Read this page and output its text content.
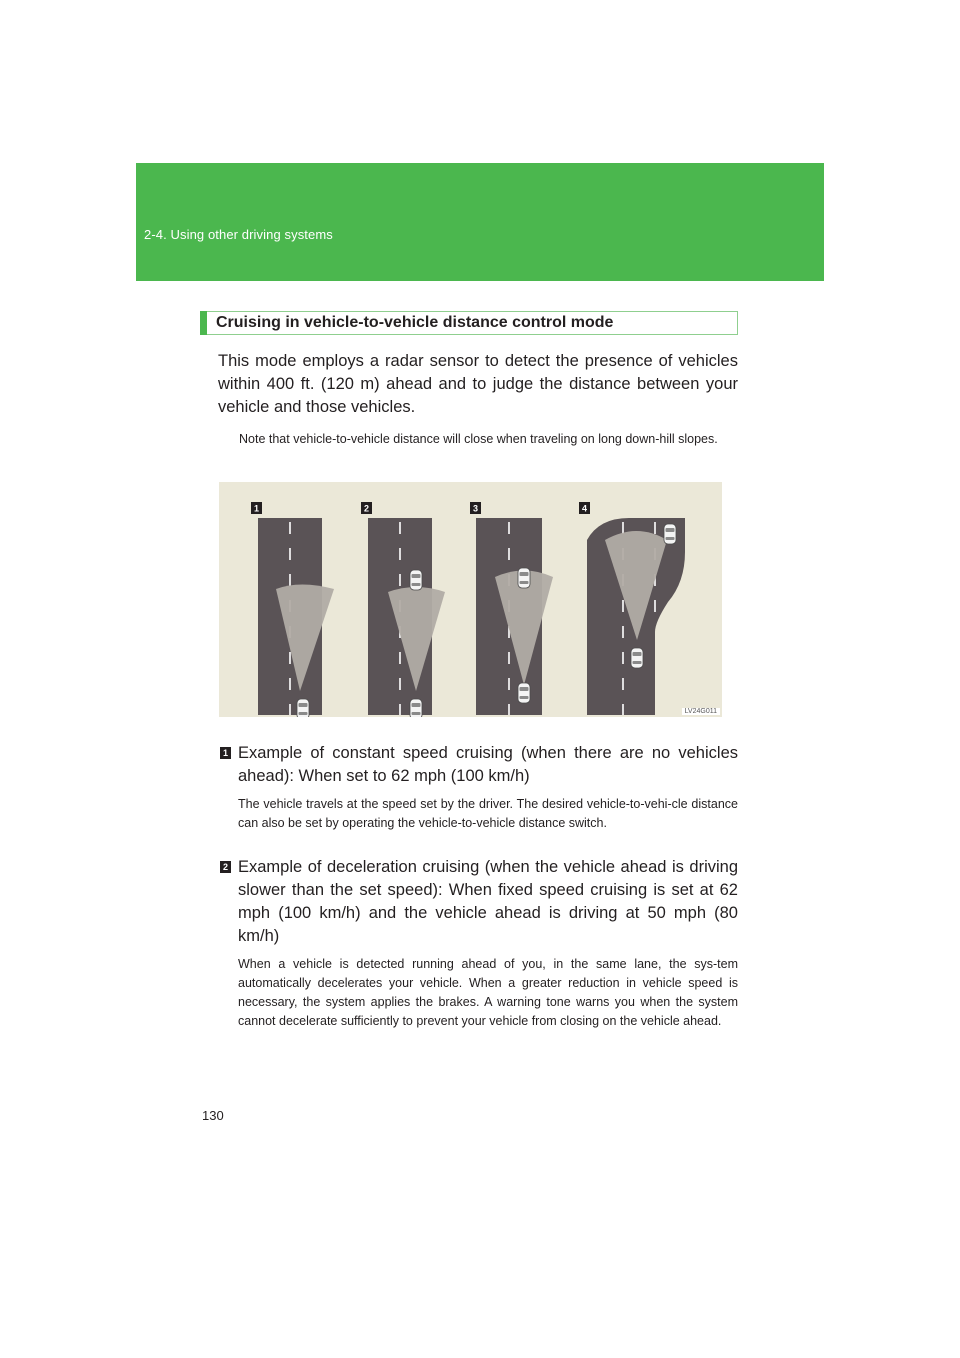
2-4. Using other driving systems
Cruising in vehicle-to-vehicle distance control mode

This mode employs a radar sensor to detect the presence of vehicles within 400 ft. (120 m) ahead and to judge the distance between your vehicle and those vehicles.

Note that vehicle-to-vehicle distance will close when traveling on long down-hill slopes.

1	2	3	4
LV24G011
1 Example of constant speed cruising (when there are no vehicles ahead): When set to 62 mph (100 km/h)

The vehicle travels at the speed set by the driver. The desired vehicle-to-vehi-cle distance can also be set by operating the vehicle-to-vehicle distance switch.

2 Example of deceleration cruising (when the vehicle ahead is driving slower than the set speed): When fixed speed cruising is set at 62 mph (100 km/h) and the vehicle ahead is driving at 50 mph (80 km/h)

When a vehicle is detected running ahead of you, in the same lane, the sys-tem automatically decelerates your vehicle. When a greater reduction in vehicle speed is necessary, the system applies the brakes. A warning tone warns you when the system cannot decelerate sufficiently to prevent your vehicle from closing on the vehicle ahead.

130
